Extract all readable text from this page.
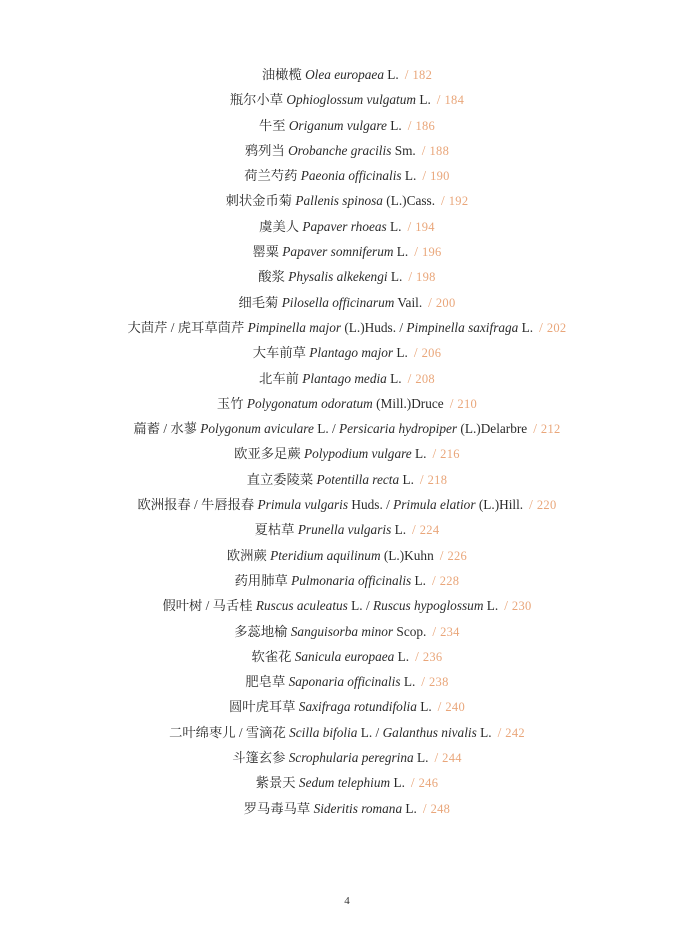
油橄榄 Olea europaea L. / 182
瓶尔小草 Ophioglossum vulgatum L. / 184
牛至 Origanum vulgare L. / 186
鸦列当 Orobanche gracilis Sm. / 188
荷兰芍药 Paeonia officinalis L. / 190
刺状金币菊 Pallenis spinosa (L.)Cass. / 192
虞美人 Papaver rhoeas L. / 194
罂粟 Papaver somniferum L. / 196
酸浆 Physalis alkekengi L. / 198
细毛菊 Pilosella officinarum Vail. / 200
大茴芹 / 虎耳草茴芹 Pimpinella major (L.)Huds. / Pimpinella saxifraga L. / 202
大车前草 Plantago major L. / 206
北车前 Plantago media L. / 208
玉竹 Polygonatum odoratum (Mill.)Druce / 210
萹蓄 / 水蓼 Polygonum aviculare L. / Persicaria hydropiper (L.)Delarbre / 212
欧亚多足蕨 Polypodium vulgare L. / 216
直立委陵菜 Potentilla recta L. / 218
欧洲报春 / 牛唇报春 Primula vulgaris Huds. / Primula elatior (L.)Hill. / 220
夏枯草 Prunella vulgaris L. / 224
欧洲蕨 Pteridium aquilinum (L.)Kuhn / 226
药用肺草 Pulmonaria officinalis L. / 228
假叶树 / 马舌桂 Ruscus aculeatus L. / Ruscus hypoglossum L. / 230
多蕊地榆 Sanguisorba minor Scop. / 234
软雀花 Sanicula europaea L. / 236
肥皂草 Saponaria officinalis L. / 238
圆叶虎耳草 Saxifraga rotundifolia L. / 240
二叶绵枣儿 / 雪滴花 Scilla bifolia L. / Galanthus nivalis L. / 242
斗篷玄参 Scrophularia peregrina L. / 244
紫景天 Sedum telephium L. / 246
罗马毒马草 Sideritis romana L. / 248
4
